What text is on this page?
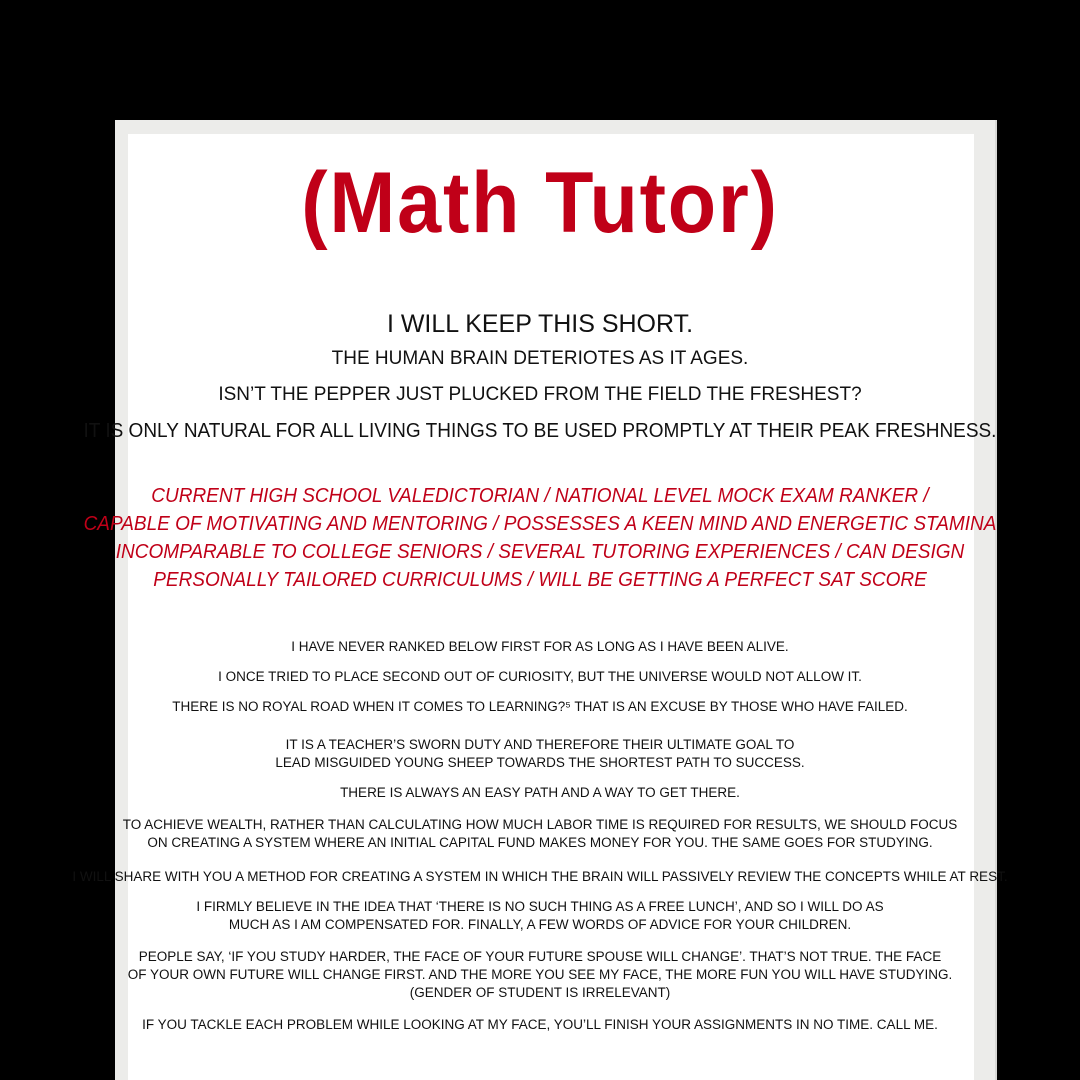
(Math Tutor)
I WILL KEEP THIS SHORT.
THE HUMAN BRAIN DETERIOTES AS IT AGES.
ISN’T THE PEPPER JUST PLUCKED FROM THE FIELD THE FRESHEST?
IT IS ONLY NATURAL FOR ALL LIVING THINGS TO BE USED PROMPTLY AT THEIR PEAK FRESHNESS.
CURRENT HIGH SCHOOL VALEDICTORIAN / NATIONAL LEVEL MOCK EXAM RANKER /
CAPABLE OF MOTIVATING AND MENTORING / POSSESSES A KEEN MIND AND ENERGETIC STAMINA
INCOMPARABLE TO COLLEGE SENIORS / SEVERAL TUTORING EXPERIENCES / CAN DESIGN
PERSONALLY TAILORED CURRICULUMS / WILL BE GETTING A PERFECT SAT SCORE

I HAVE NEVER RANKED BELOW FIRST FOR AS LONG AS I HAVE BEEN ALIVE.

I ONCE TRIED TO PLACE SECOND OUT OF CURIOSITY, BUT THE UNIVERSE WOULD NOT ALLOW IT.

THERE IS NO ROYAL ROAD WHEN IT COMES TO LEARNING?⁵ THAT IS AN EXCUSE BY THOSE WHO HAVE FAILED.

IT IS A TEACHER’S SWORN DUTY AND THEREFORE THEIR ULTIMATE GOAL TO
LEAD MISGUIDED YOUNG SHEEP TOWARDS THE SHORTEST PATH TO SUCCESS.

THERE IS ALWAYS AN EASY PATH AND A WAY TO GET THERE.

TO ACHIEVE WEALTH, RATHER THAN CALCULATING HOW MUCH LABOR TIME IS REQUIRED FOR RESULTS, WE SHOULD FOCUS
ON CREATING A SYSTEM WHERE AN INITIAL CAPITAL FUND MAKES MONEY FOR YOU. THE SAME GOES FOR STUDYING.

I WILL SHARE WITH YOU A METHOD FOR CREATING A SYSTEM IN WHICH THE BRAIN WILL PASSIVELY REVIEW THE CONCEPTS WHILE AT REST.

I FIRMLY BELIEVE IN THE IDEA THAT ‘THERE IS NO SUCH THING AS A FREE LUNCH’, AND SO I WILL DO AS
MUCH AS I AM COMPENSATED FOR. FINALLY, A FEW WORDS OF ADVICE FOR YOUR CHILDREN.

PEOPLE SAY, ‘IF YOU STUDY HARDER, THE FACE OF YOUR FUTURE SPOUSE WILL CHANGE’. THAT’S NOT TRUE. THE FACE
OF YOUR OWN FUTURE WILL CHANGE FIRST. AND THE MORE YOU SEE MY FACE, THE MORE FUN YOU WILL HAVE STUDYING.
(GENDER OF STUDENT IS IRRELEVANT)

IF YOU TACKLE EACH PROBLEM WHILE LOOKING AT MY FACE, YOU’LL FINISH YOUR ASSIGNMENTS IN NO TIME. CALL ME.
